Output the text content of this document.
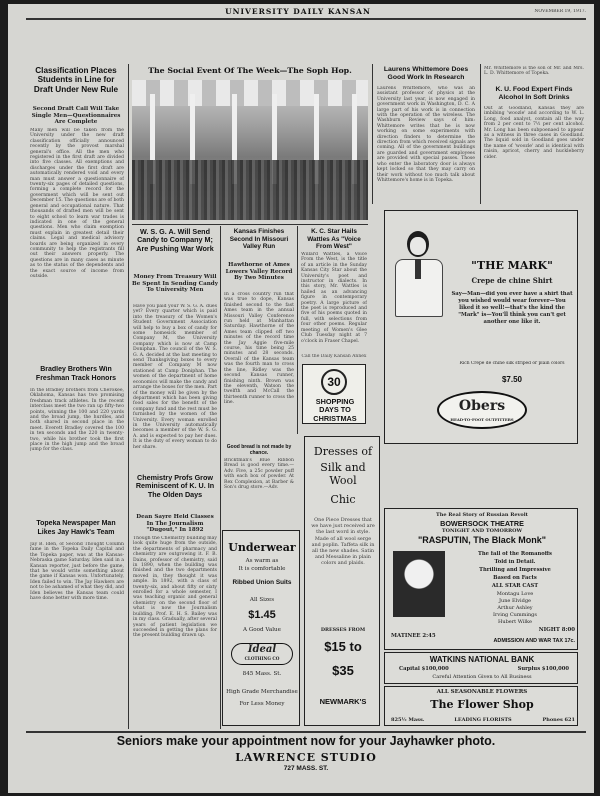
UNIVERSITY DAILY KANSAN	NOVEMBER 19, 1917.
Classification Places Students in Line for Draft Under New Rule
Second Draft Call Will Take Single Men—Questionnaires Are Complete
Many men will be taken from the University under the new draft classification officially announced recently by the provost marshal general's office. All the men who registered in the first draft are divided into five classes. All exemptions and discharges under the first draft are automatically rendered void and every man must answer a questionnaire of twenty-six pages of detailed questions, forming a complete record for the government which will be sent out December 15. The questions are of both general and occupational nature. That thousands of drafted men will be sent to eight school to learn war trades is indicated in one of the general questions. Men who claim exemption must explain in greatest detail their claims. Legal and medical advisory boards are being organized in every community to help the registrants fill out their answers properly. The questions are in many cases as minute as to the status of the dependents and the exact source of income from outside.
Bradley Brothers Win Freshman Track Honors
In the Bradley brothers from Cherokee, Oklahoma, Kansas has two promising freshman track athletes. In the recent interclass meet the two ran up fifty-two points, winning the 100 and 220 yards and the broad jump, the hurdles, and both shared in second place in the meet. Everett Bradley covered the 100 in ten seconds and the 220 in twenty-two, while his brother took the first place in the high jump and the broad jump for the class.
Topeka Newspaper Man Likes Jay Hawk's Team
Jay B. Iden, of Second Thought Column fame in the Topeka Daily Capital and the Topeka paper, was at the Kansas-Nebraska game Saturday. Iden said in a Kansan reporter, just before the game, that he would write something about the game if Kansas won. Unfortunately, Iden failed to win. The Jay Hawkers are not to be ashamed of what they did, and Iden believes the Kansas team could have done better with more time.
The Social Event Of The Week—The Soph Hop.
W. S. G. A. Will Send Candy to Company M; Are Pushing War Work
Money From Treasury Will Be Spent In Sending Candy To University Men
Have you paid your W. S. G. A. dues yet? Every quarter which is paid into the treasury of the Women's Student Government Association will help to buy a box of candy for some homesick member of Company M, the University company which is now at Camp Doniphan. The council of the W. S. G. A. decided at the last meeting to send Thanksgiving boxes to every member of Company M now stationed at Camp Doniphan. The women of the department of home economics will make the candy and arrange the boxes for the men. Part of the money will be given by the department which has been giving food sales for the benefit of the company fund and the rest must be furnished by the women of the University. Every woman enrolled in the University automatically becomes a member of the W. S. G. A. and is expected to pay her dues. It is the duty of every woman to do her share.
Chemistry Profs Grow Reminiscent of K. U. In The Olden Days
Dean Sayre Held Classes In The Journalism "Dugout," In 1892
Though the Chemistry building may look quite huge from the outside, the departments of pharmacy and chemistry are outgrowing it. F. B. Dains, professor of chemistry, said in 1890, when the building was finished and the two departments moved in, they thought it was ample. In 1892, with a class of twenty-six, and about fifty or sixty enrolled for a whole semester, I was teaching organic and general chemistry on the second floor of what is now the Journalism building. Prof. E. H. S. Bailey was in my class. Gradually, after several years of patient legislation we succeeded in getting the plans for the present building drawn up.
Kansas Finishes Second In Missouri Valley Run
Hawthorne of Ames Lowers Valley Record By Two Minutes
In a cross country run that was true to dope, Kansas finished second to the fast Ames team in the annual Missouri Valley Conference run held at Manhattan Saturday. Hawthorne of the Ames team clipped off two minutes of the record time the Jay Aggie five-mile course, his time being 25 minutes and 28 seconds. Overall of the Kansas team was the fourth man to cross the line, Ridley was the second Kansas runner, finishing ninth. Brown was the eleventh, Watson the twelfth and McCall the thirteenth runner to cross the line.
K. C. Star Hails Wattles As "Voice From West"
Willard Wattles, a Voice From the West, is the title of an article in the Sunday Kansas City Star about the University's poet and instructor in dialects. In this story, Mr. Wattles is hailed as an advancing figure in contemporary poetry. A large picture of the poet is reproduced and five of his poems quoted in full, with selections from four other poems. Regular meeting of Women's Glee Club Tuesday night at 7 o'clock in Fraser Chapel.
Call the Daily Kansan Annex
30
SHOPPING DAYS TO CHRISTMAS
Good bread is not made by chance.
Bricktman's Blue Ribbon Bread is good every time.—Adv. Five, a 25c powder puff with each box of powder. At Rex Complexion, at Barber & Son's drug store.—Adv.
Underwear
As warm as
It is comfortable
Ribbed Union Suits
All Sizes
$1.45
A Good Value
Ideal
CLOTHING CO
845 Mass. St.
High Grade Merchandise
For Less Money
Dresses of
Silk and Wool
Chic
One Piece Dresses that we have just received are the last word in style. Made of all wool serge and poplin. Taffeta silk in all the new shades. Satin and Messaline in plain colors and plaids.
DRESSES FROM
$15 to
$35
NEWMARK'S
Laurens Whittemore Does Good Work In Research
Laurens Whittemore, who was an assistant professor of physics at the University last year, is now engaged in government work in Washington, D. C. A large part of his work is in connection with the operation of the wireless. The Washburn Review says of him: Whittemore writes that he is now working on some experiments with direction finders to determine the direction from which received signals are coming. All of the government buildings are guarded and government employees are provided with special passes. Those who enter the laboratory door is always kept locked so that they may carry on their work without too much talk about Whittemore's home is in Topeka.
Mr. Whittemore is the son of Mr. and Mrs. L. D. Whittemore of Topeka.
K. U. Food Expert Finds Alcohol In Soft Drinks
Out at Goodland, Kansas they are imbibing 'woozle' and according to W. L. Long, food analyst, contain all the way from 2 per cent to 7½ per cent alcohol. Mr. Long has been subpoenaed to appear as a witness in three cases in Goodland. The liquid sold in Goodland goes under the name of 'woozle' and is identical with raisin, apricot, cherry and huckleberry cider.
"THE MARK"
Crepe de chine Shirt
Say—Man—did you ever have a shirt that you wished would wear forever—You liked it so well!—that's the kind the "Mark" is—You'll think you can't get another one like it.
Rich Crepe de chine silk striped or plain colors
$7.50
Obers
HEAD-TO-FOOT OUTFITTERS
The Real Story of Russian Revolt
BOWERSOCK THEATRE
TONIGHT AND TOMORROW
"RASPUTIN, The Black Monk"
The fall of the Romanoffs
Told in Detail.
Thrilling and Impressive
Based on Facts
ALL STAR CAST
Montagu Love
June Elvidge
Arthur Ashley
Irving Cummings
Hubert Wilke
NIGHT 8:00
MATINEE 2:45
ADMISSION AND WAR TAX 17c.
WATKINS NATIONAL BANK
Capital $100,000	Surplus $100,000
Careful Attention Given to All Business
ALL SEASONABLE FLOWERS
The Flower Shop
825½ Mass.	LEADING FLORISTS	Phones 621
Seniors make your appointment now for your Jayhawker photo.
LAWRENCE STUDIO
727 MASS. ST.
